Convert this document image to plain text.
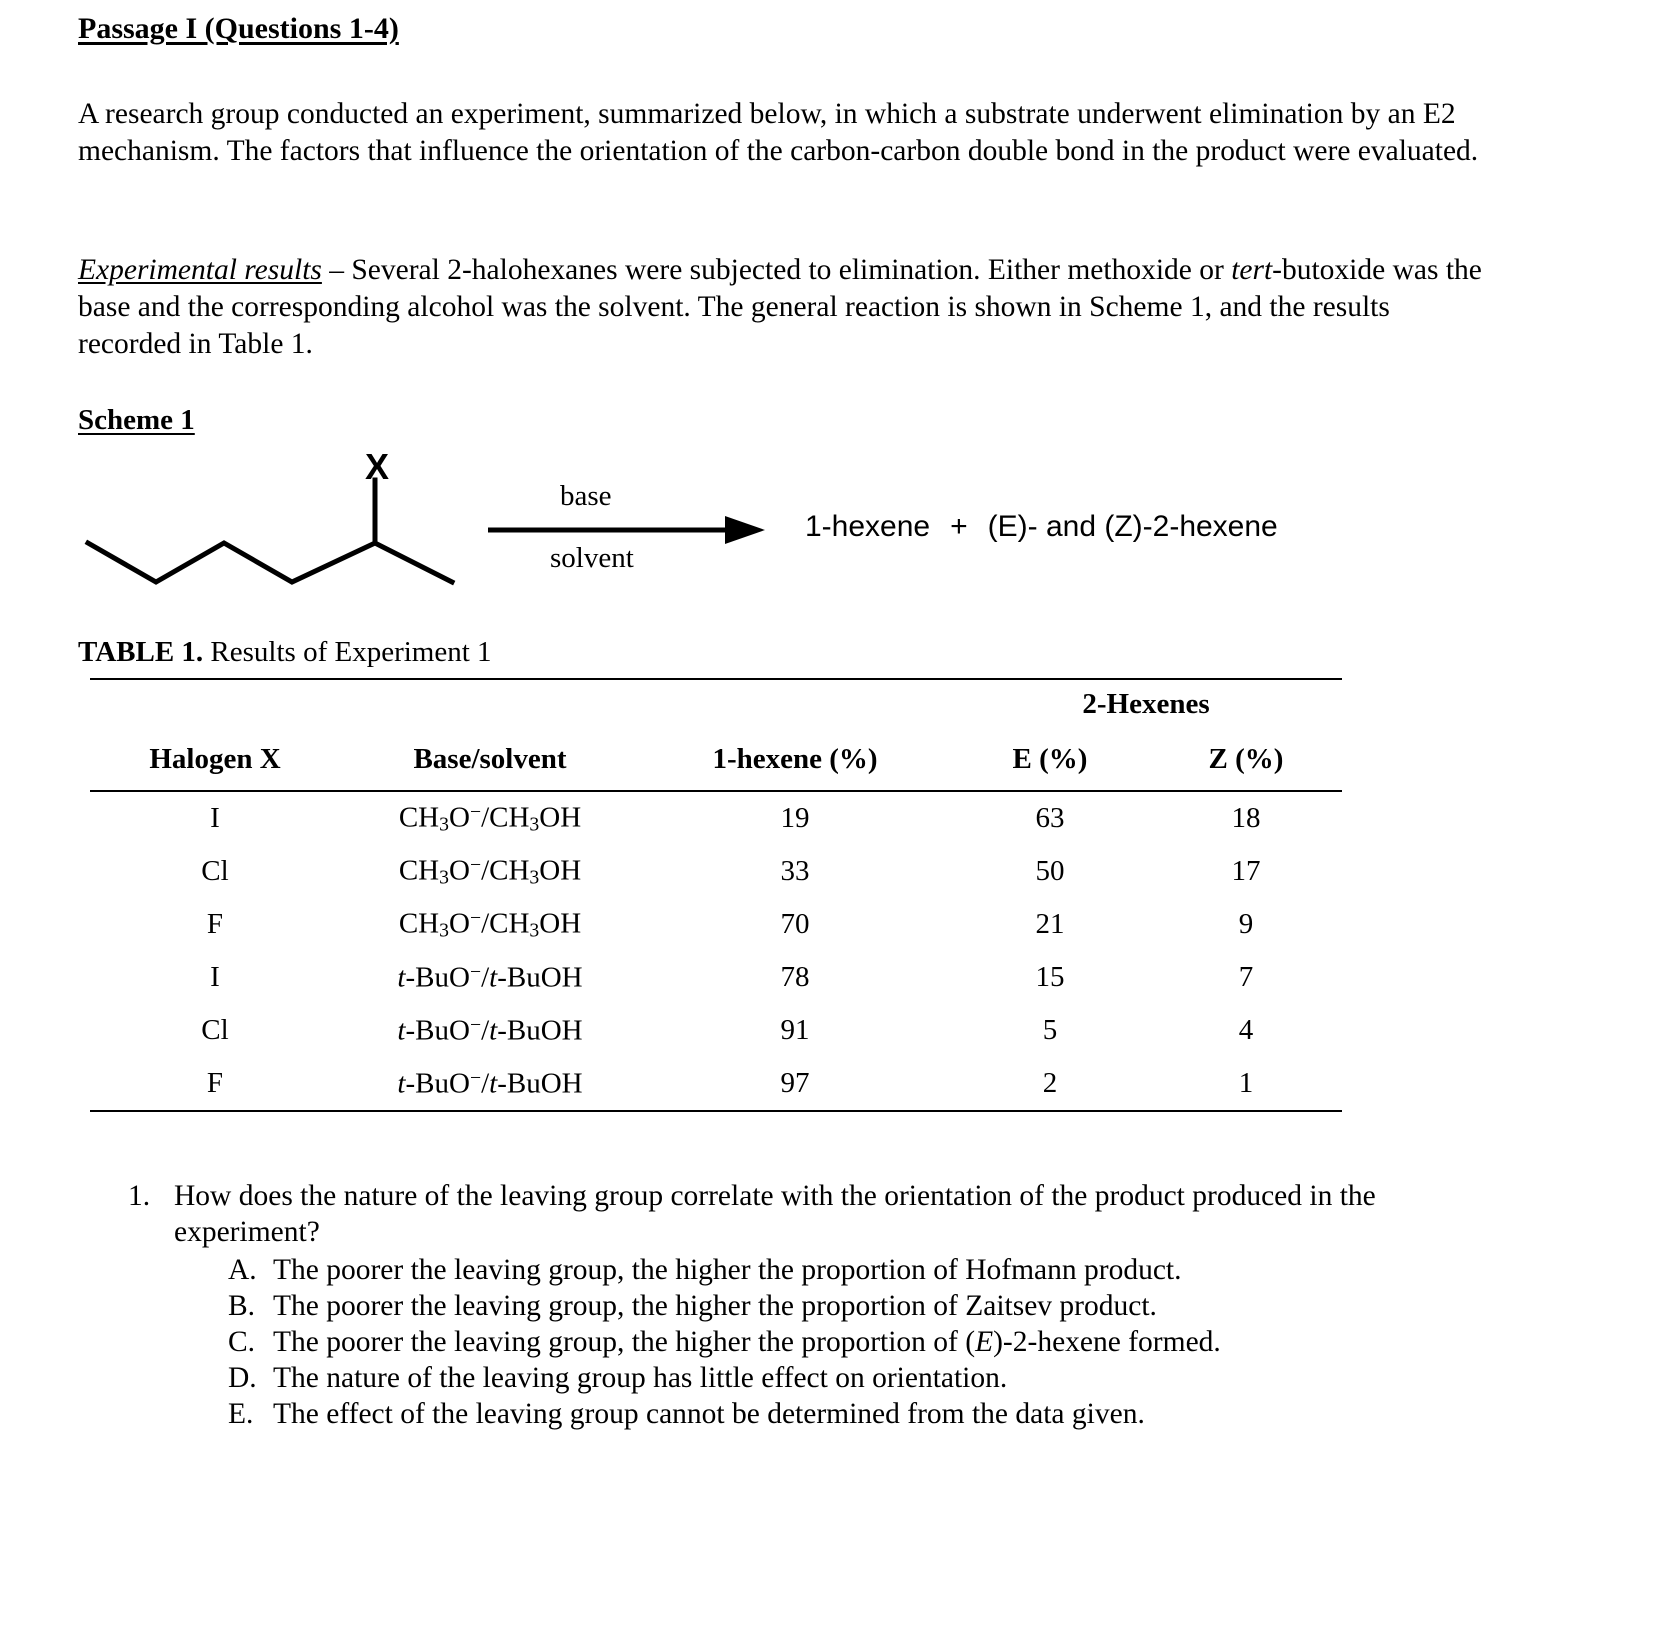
Passage I (Questions 1-4)
A research group conducted an experiment, summarized below, in which a substrate underwent elimination by an E2 mechanism. The factors that influence the orientation of the carbon-carbon double bond in the product were evaluated.
Experimental results – Several 2-halohexanes were subjected to elimination. Either methoxide or tert-butoxide was the base and the corresponding alcohol was the solvent. The general reaction is shown in Scheme 1, and the results recorded in Table 1.
Scheme 1
X
base
solvent
1-hexene + (E)- and (Z)-2-hexene
TABLE 1. Results of Experiment 1
			2-Hexenes	
Halogen X	Base/solvent	1-hexene (%)	E (%)	Z (%)
I	$CH_3O^-/CH_3OH$	19	63	18
Cl	$CH_3O^-/CH_3OH$	33	50	17
F	$CH_3O^-/CH_3OH$	70	21	9
I	t-BuO−/t-BuOH	78	15	7
Cl	t-BuO−/t-BuOH	91	5	4
F	t-BuO−/t-BuOH	97	2	1
1. How does the nature of the leaving group correlate with the orientation of the product produced in the experiment?
A. The poorer the leaving group, the higher the proportion of Hofmann product.
B. The poorer the leaving group, the higher the proportion of Zaitsev product.
C. The poorer the leaving group, the higher the proportion of (E)-2-hexene formed.
D. The nature of the leaving group has little effect on orientation.
E. The effect of the leaving group cannot be determined from the data given.
